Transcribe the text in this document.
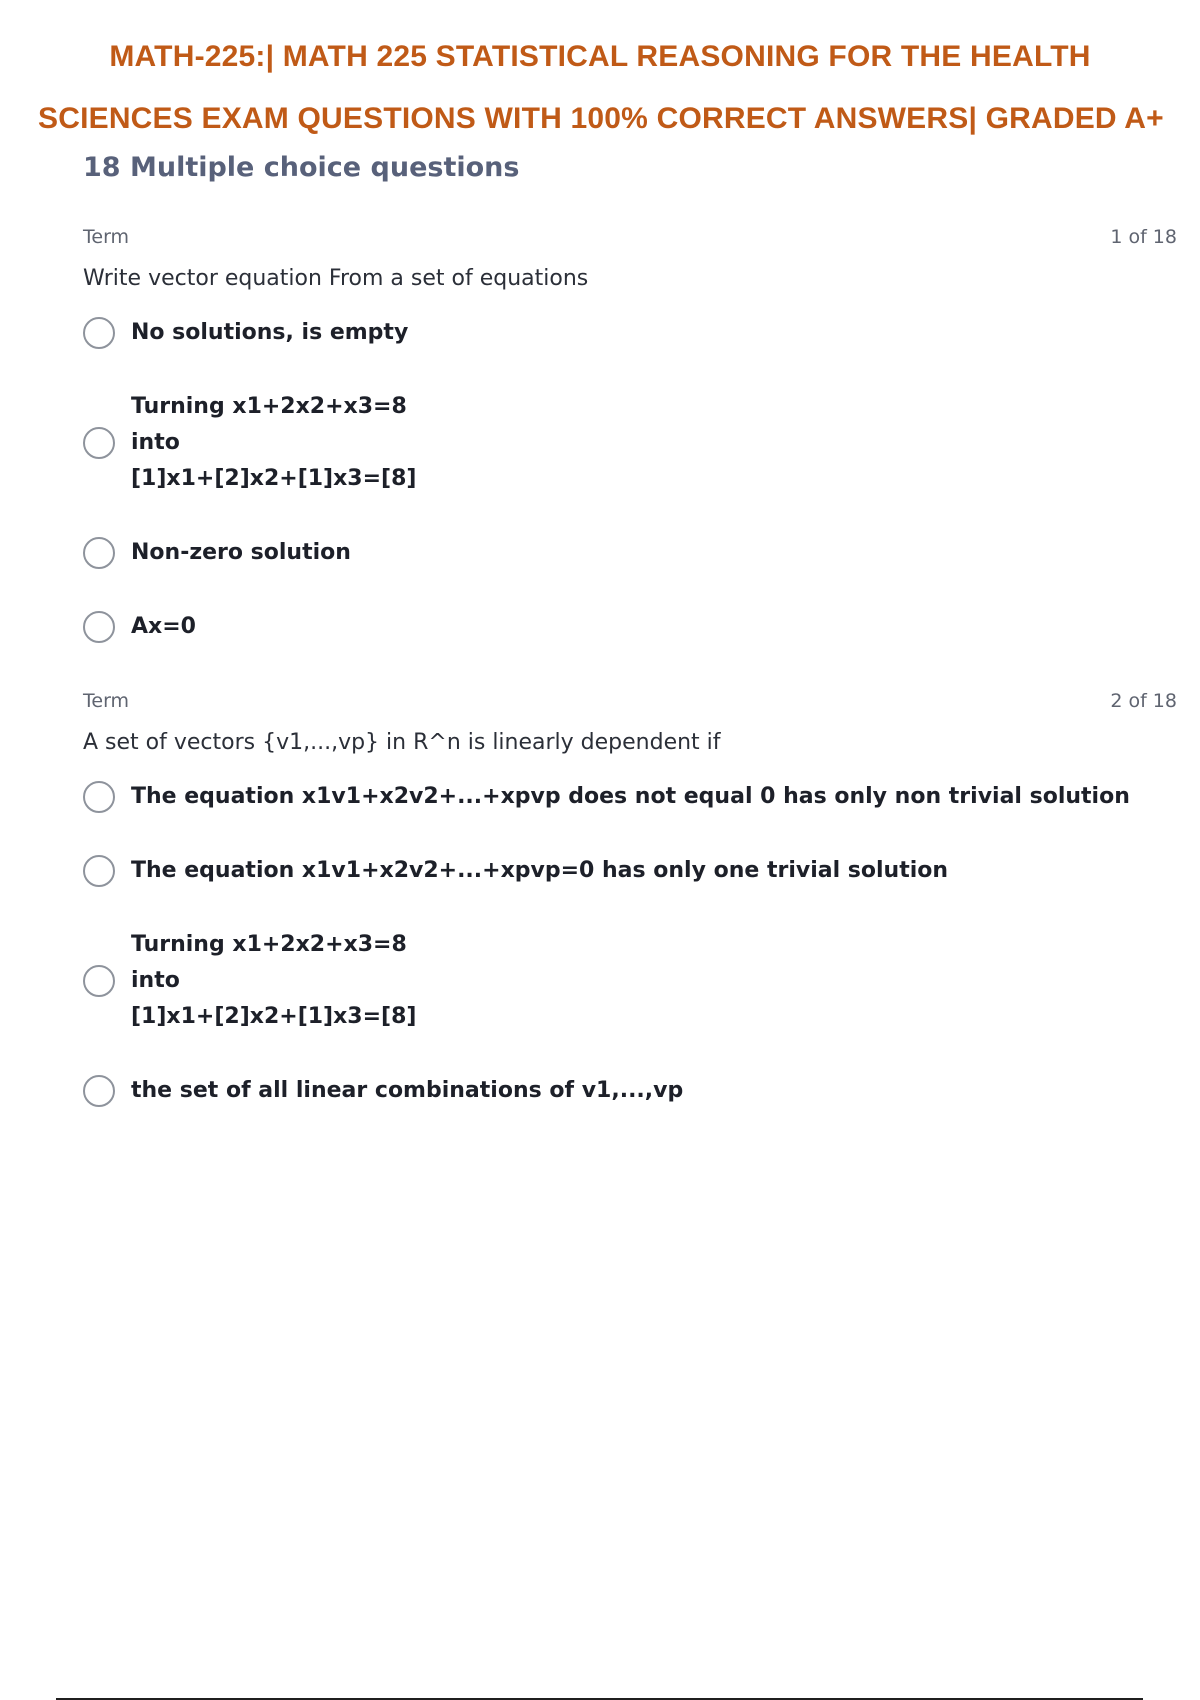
MATH-225:| MATH 225 STATISTICAL REASONING FOR THE HEALTH
SCIENCES EXAM QUESTIONS WITH 100% CORRECT ANSWERS| GRADED A+
18 Multiple choice questions
Term	1 of 18
Write vector equation From a set of equations
No solutions, is empty
Turning x1+2x2+x3=8
into
[1]x1+[2]x2+[1]x3=[8]
Non-zero solution
Ax=0
Term	2 of 18
A set of vectors {v1,...,vp} in R^n is linearly dependent if
The equation x1v1+x2v2+...+xpvp does not equal 0 has only non trivial solution
The equation x1v1+x2v2+...+xpvp=0 has only one trivial solution
Turning x1+2x2+x3=8
into
[1]x1+[2]x2+[1]x3=[8]
the set of all linear combinations of v1,...,vp
